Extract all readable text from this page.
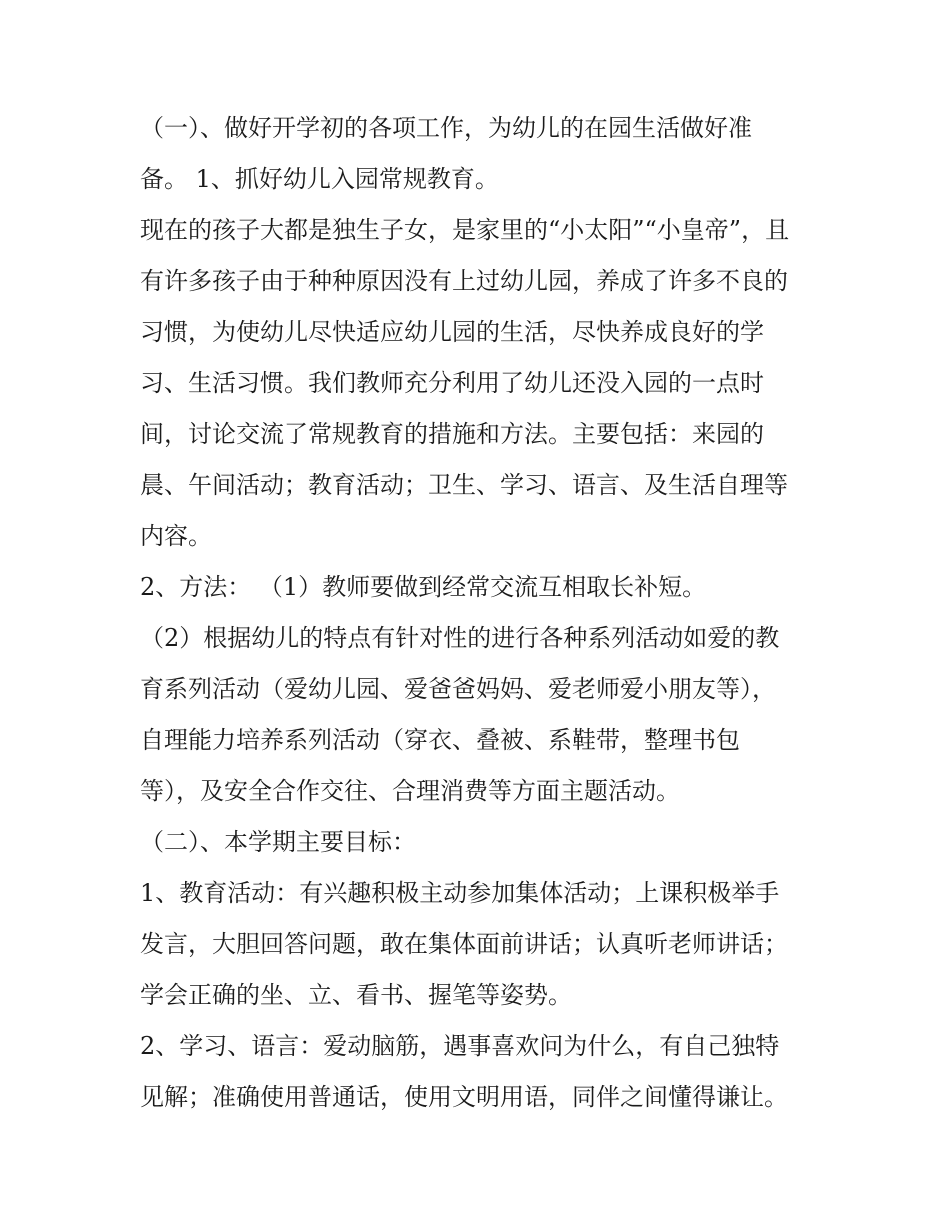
（一）、做好开学初的各项工作，为幼儿的在园生活做好准
备。 1、抓好幼儿入园常规教育。
现在的孩子大都是独生子女，是家里的“小太阳”“小皇帝”，且
有许多孩子由于种种原因没有上过幼儿园，养成了许多不良的
习惯，为使幼儿尽快适应幼儿园的生活，尽快养成良好的学
习、生活习惯。我们教师充分利用了幼儿还没入园的一点时
间，讨论交流了常规教育的措施和方法。主要包括：来园的
晨、午间活动；教育活动；卫生、学习、语言、及生活自理等
内容。
2、方法： （1）教师要做到经常交流互相取长补短。
（2）根据幼儿的特点有针对性的进行各种系列活动如爱的教
育系列活动（爱幼儿园、爱爸爸妈妈、爱老师爱小朋友等），
自理能力培养系列活动（穿衣、叠被、系鞋带，整理书包
等），及安全合作交往、合理消费等方面主题活动。
（二）、本学期主要目标：
1、教育活动：有兴趣积极主动参加集体活动；上课积极举手
发言，大胆回答问题，敢在集体面前讲话；认真听老师讲话；
学会正确的坐、立、看书、握笔等姿势。
2、学习、语言：爱动脑筋，遇事喜欢问为什么，有自己独特
见解；准确使用普通话，使用文明用语，同伴之间懂得谦让。
